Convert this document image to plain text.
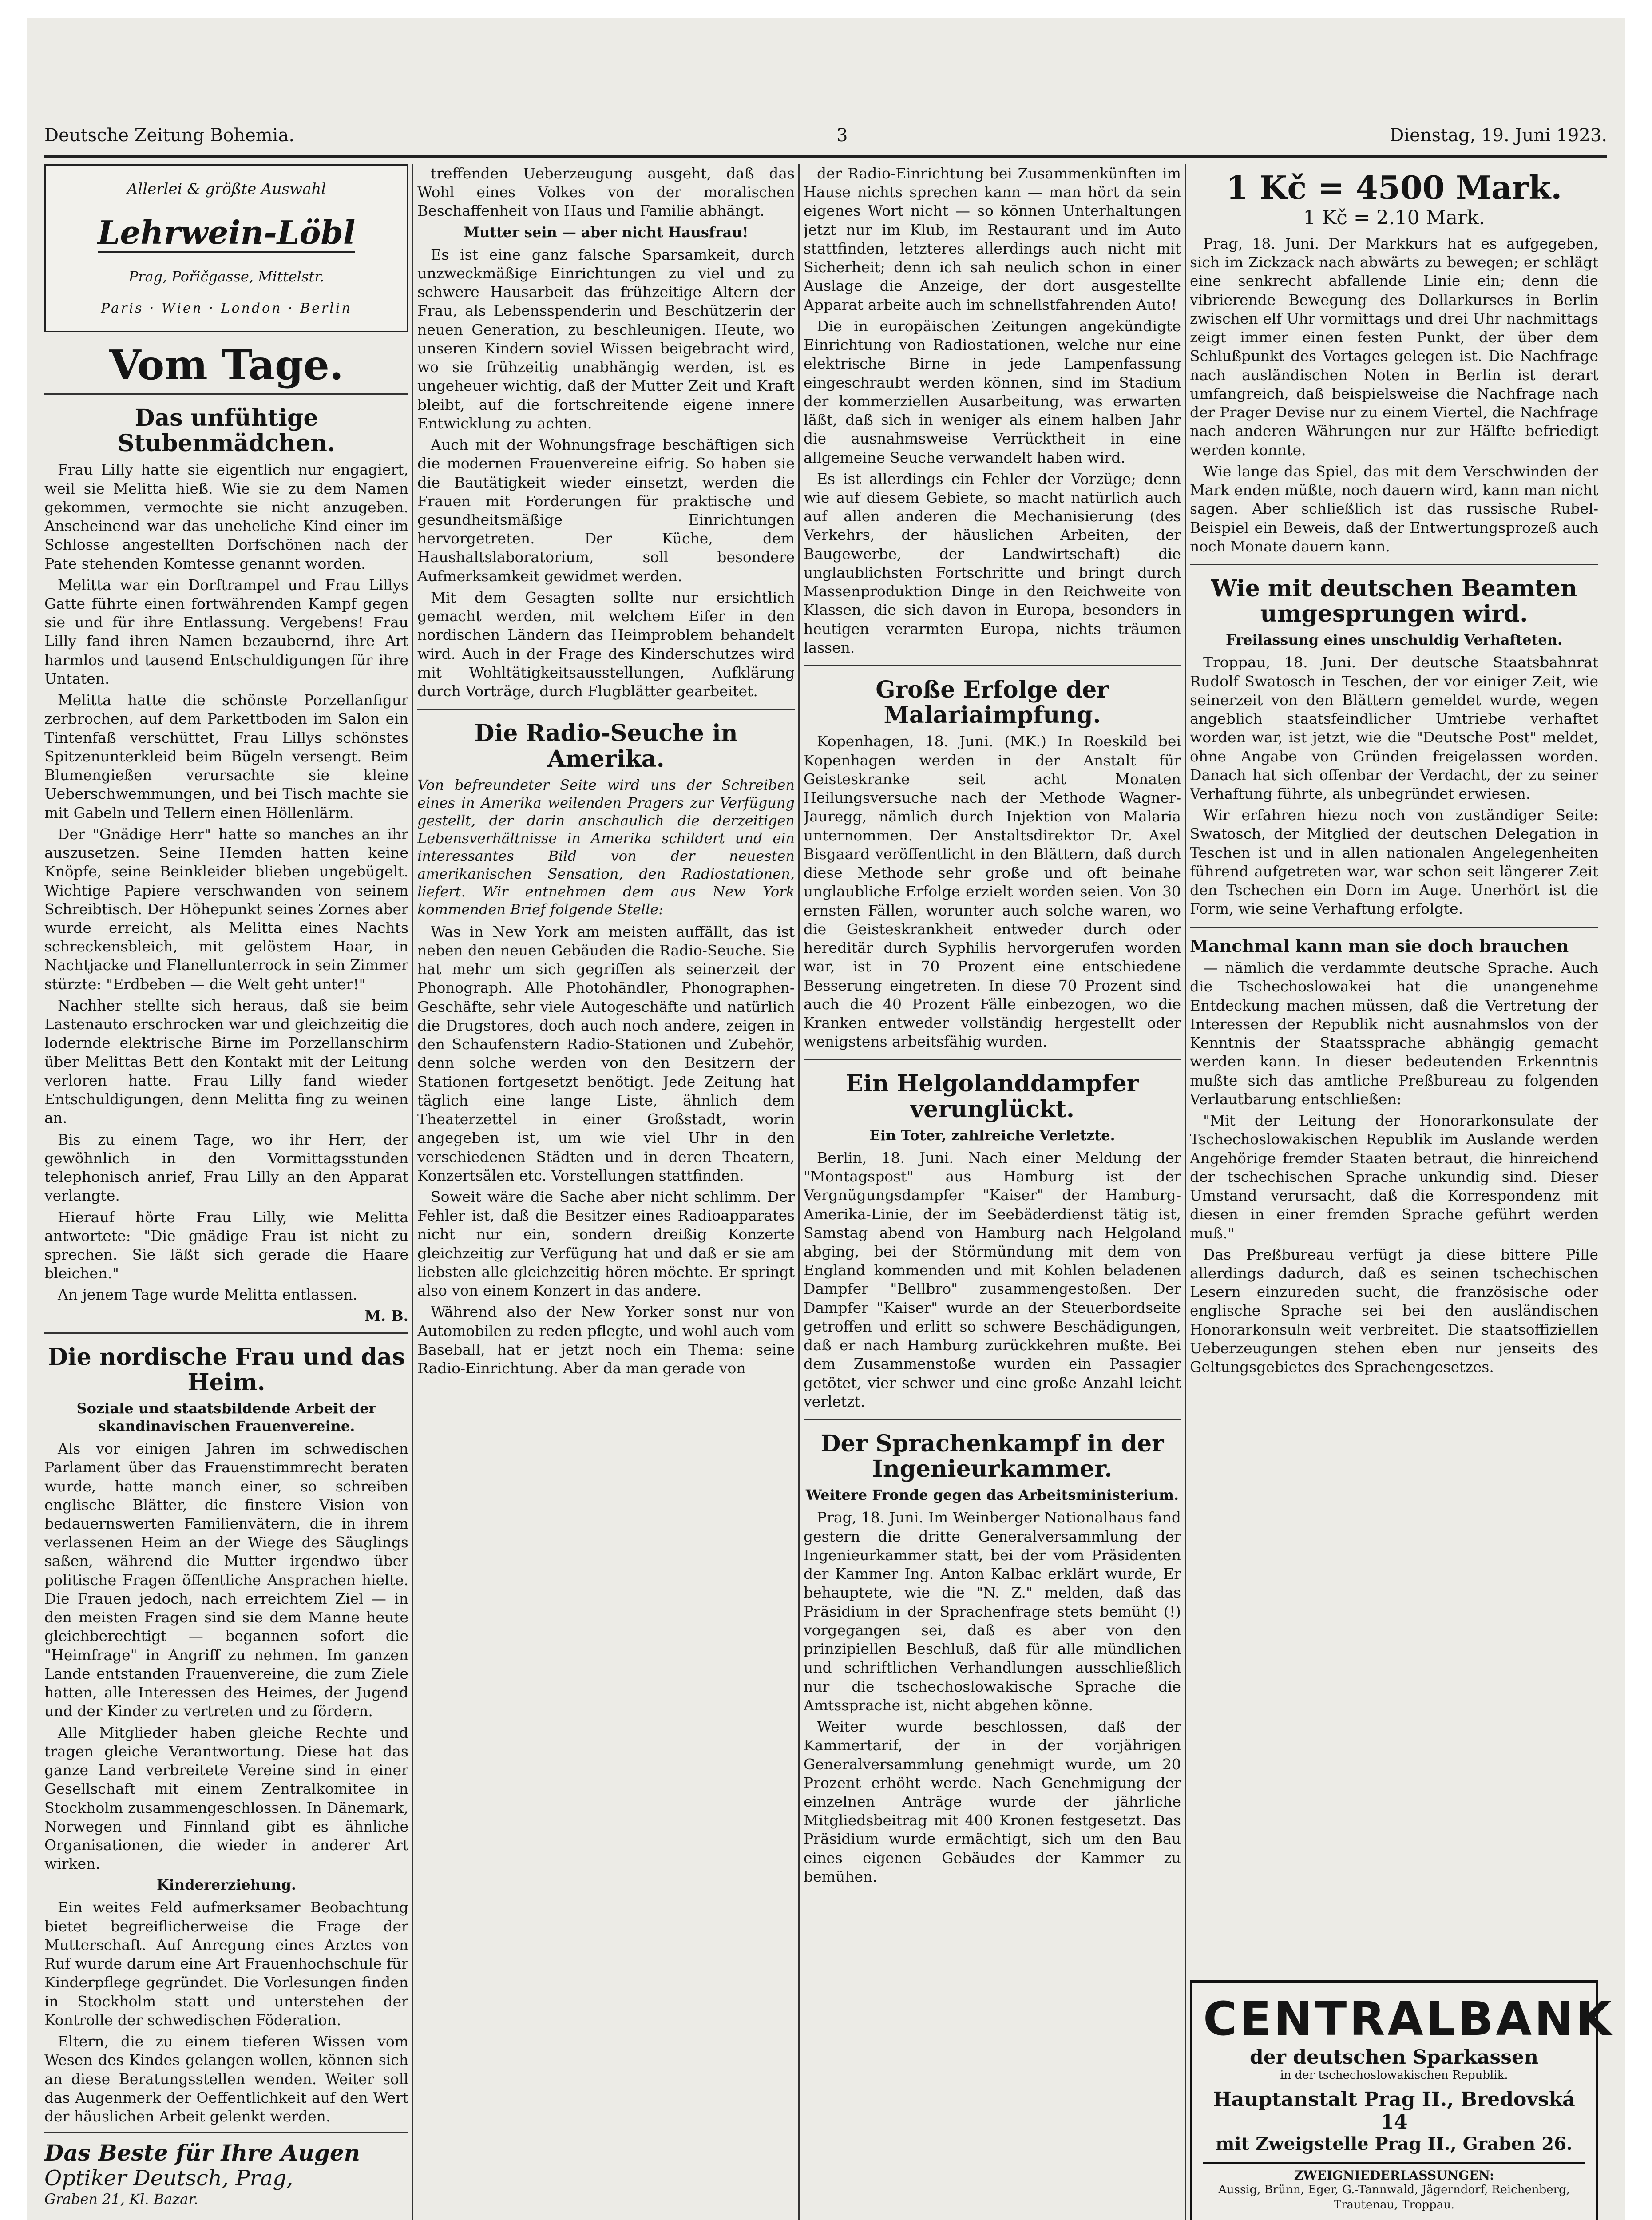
Deutsche Zeitung Bohemia.	3	Dienstag, 19. Juni 1923.
Allerlei & größte Auswahl
Lehrwein-Löbl
Prag, Pořičgasse, Mittelstr.
Paris · Wien · London · Berlin
Vom Tage.
Das unfühtige Stubenmädchen.

Frau Lilly hatte sie eigentlich nur engagiert, weil sie Melitta hieß. Wie sie zu dem Namen gekommen, vermochte sie nicht anzugeben. Anscheinend war das uneheliche Kind einer im Schlosse angestellten Dorfschönen nach der Pate stehenden Komtesse genannt worden.

Melitta war ein Dorftrampel und Frau Lillys Gatte führte einen fortwährenden Kampf gegen sie und für ihre Entlassung. Vergebens! Frau Lilly fand ihren Namen bezaubernd, ihre Art harmlos und tausend Entschuldigungen für ihre Untaten.

Melitta hatte die schönste Porzellanfigur zerbrochen, auf dem Parkettboden im Salon ein Tintenfaß verschüttet, Frau Lillys schönstes Spitzenunterkleid beim Bügeln versengt. Beim Blumengießen verursachte sie kleine Ueberschwemmungen, und bei Tisch machte sie mit Gabeln und Tellern einen Höllenlärm.

Der "Gnädige Herr" hatte so manches an ihr auszusetzen. Seine Hemden hatten keine Knöpfe, seine Beinkleider blieben ungebügelt. Wichtige Papiere verschwanden von seinem Schreibtisch. Der Höhepunkt seines Zornes aber wurde erreicht, als Melitta eines Nachts schreckensbleich, mit gelöstem Haar, in Nachtjacke und Flanellunterrock in sein Zimmer stürzte: "Erdbeben — die Welt geht unter!"

Nachher stellte sich heraus, daß sie beim Lastenauto erschrocken war und gleichzeitig die lodernde elektrische Birne im Porzellanschirm über Melittas Bett den Kontakt mit der Leitung verloren hatte. Frau Lilly fand wieder Entschuldigungen, denn Melitta fing zu weinen an.

Bis zu einem Tage, wo ihr Herr, der gewöhnlich in den Vormittagsstunden telephonisch anrief, Frau Lilly an den Apparat verlangte.

Hierauf hörte Frau Lilly, wie Melitta antwortete: "Die gnädige Frau ist nicht zu sprechen. Sie läßt sich gerade die Haare bleichen."

An jenem Tage wurde Melitta entlassen.

M. B.
Die nordische Frau und das Heim.
Soziale und staatsbildende Arbeit der skandinavischen Frauenvereine.

Als vor einigen Jahren im schwedischen Parlament über das Frauenstimmrecht beraten wurde, hatte manch einer, so schreiben englische Blätter, die finstere Vision von bedauernswerten Familienvätern, die in ihrem verlassenen Heim an der Wiege des Säuglings saßen, während die Mutter irgendwo über politische Fragen öffentliche Ansprachen hielte. Die Frauen jedoch, nach erreichtem Ziel — in den meisten Fragen sind sie dem Manne heute gleichberechtigt — begannen sofort die "Heimfrage" in Angriff zu nehmen. Im ganzen Lande entstanden Frauenvereine, die zum Ziele hatten, alle Interessen des Heimes, der Jugend und der Kinder zu vertreten und zu fördern.

Alle Mitglieder haben gleiche Rechte und tragen gleiche Verantwortung. Diese hat das ganze Land verbreitete Vereine sind in einer Gesellschaft mit einem Zentralkomitee in Stockholm zusammengeschlossen. In Dänemark, Norwegen und Finnland gibt es ähnliche Organisationen, die wieder in anderer Art wirken.

Kindererziehung.

Ein weites Feld aufmerksamer Beobachtung bietet begreiflicherweise die Frage der Mutterschaft. Auf Anregung eines Arztes von Ruf wurde darum eine Art Frauenhochschule für Kinderpflege gegründet. Die Vorlesungen finden in Stockholm statt und unterstehen der Kontrolle der schwedischen Föderation.

Eltern, die zu einem tieferen Wissen vom Wesen des Kindes gelangen wollen, können sich an diese Beratungsstellen wenden. Weiter soll das Augenmerk der Oeffentlichkeit auf den Wert der häuslichen Arbeit gelenkt werden.

Das Beste für Ihre Augen
Optiker Deutsch, Prag,
Graben 21, Kl. Bazar.

treffenden Ueberzeugung ausgeht, daß das Wohl eines Volkes von der moralischen Beschaffenheit von Haus und Familie abhängt.

Mutter sein — aber nicht Hausfrau!

Es ist eine ganz falsche Sparsamkeit, durch unzweckmäßige Einrichtungen zu viel und zu schwere Hausarbeit das frühzeitige Altern der Frau, als Lebensspenderin und Beschützerin der neuen Generation, zu beschleunigen. Heute, wo unseren Kindern soviel Wissen beigebracht wird, wo sie frühzeitig unabhängig werden, ist es ungeheuer wichtig, daß der Mutter Zeit und Kraft bleibt, auf die fortschreitende eigene innere Entwicklung zu achten.

Auch mit der Wohnungsfrage beschäftigen sich die modernen Frauenvereine eifrig. So haben sie die Bautätigkeit wieder einsetzt, werden die Frauen mit Forderungen für praktische und gesundheitsmäßige Einrichtungen hervorgetreten. Der Küche, dem Haushaltslaboratorium, soll besondere Aufmerksamkeit gewidmet werden.

Mit dem Gesagten sollte nur ersichtlich gemacht werden, mit welchem Eifer in den nordischen Ländern das Heimproblem behandelt wird. Auch in der Frage des Kinderschutzes wird mit Wohltätigkeitsausstellungen, Aufklärung durch Vorträge, durch Flugblätter gearbeitet.

Die Radio-Seuche in Amerika.
Von befreundeter Seite wird uns der Schreiben eines in Amerika weilenden Pragers zur Verfügung gestellt, der darin anschaulich die derzeitigen Lebensverhältnisse in Amerika schildert und ein interessantes Bild von der neuesten amerikanischen Sensation, den Radiostationen, liefert. Wir entnehmen dem aus New York kommenden Brief folgende Stelle:

Was in New York am meisten auffällt, das ist neben den neuen Gebäuden die Radio-Seuche. Sie hat mehr um sich gegriffen als seinerzeit der Phonograph. Alle Photohändler, Phonographen-Geschäfte, sehr viele Autogeschäfte und natürlich die Drugstores, doch auch noch andere, zeigen in den Schaufenstern Radio-Stationen und Zubehör, denn solche werden von den Besitzern der Stationen fortgesetzt benötigt. Jede Zeitung hat täglich eine lange Liste, ähnlich dem Theaterzettel in einer Großstadt, worin angegeben ist, um wie viel Uhr in den verschiedenen Städten und in deren Theatern, Konzertsälen etc. Vorstellungen stattfinden.

Soweit wäre die Sache aber nicht schlimm. Der Fehler ist, daß die Besitzer eines Radioapparates nicht nur ein, sondern dreißig Konzerte gleichzeitig zur Verfügung hat und daß er sie am liebsten alle gleichzeitig hören möchte. Er springt also von einem Konzert in das andere.

Während also der New Yorker sonst nur von Automobilen zu reden pflegte, und wohl auch vom Baseball, hat er jetzt noch ein Thema: seine Radio-Einrichtung. Aber da man gerade von

der Radio-Einrichtung bei Zusammenkünften im Hause nichts sprechen kann — man hört da sein eigenes Wort nicht — so können Unterhaltungen jetzt nur im Klub, im Restaurant und im Auto stattfinden, letzteres allerdings auch nicht mit Sicherheit; denn ich sah neulich schon in einer Auslage die Anzeige, der dort ausgestellte Apparat arbeite auch im schnellstfahrenden Auto!

Die in europäischen Zeitungen angekündigte Einrichtung von Radiostationen, welche nur eine elektrische Birne in jede Lampenfassung eingeschraubt werden können, sind im Stadium der kommerziellen Ausarbeitung, was erwarten läßt, daß sich in weniger als einem halben Jahr die ausnahmsweise Verrücktheit in eine allgemeine Seuche verwandelt haben wird.

Es ist allerdings ein Fehler der Vorzüge; denn wie auf diesem Gebiete, so macht natürlich auch auf allen anderen die Mechanisierung (des Verkehrs, der häuslichen Arbeiten, der Baugewerbe, der Landwirtschaft) die unglaublichsten Fortschritte und bringt durch Massenproduktion Dinge in den Reichweite von Klassen, die sich davon in Europa, besonders in heutigen verarmten Europa, nichts träumen lassen.

Große Erfolge der Malariaimpfung.

Kopenhagen, 18. Juni. (MK.) In Roeskild bei Kopenhagen werden in der Anstalt für Geisteskranke seit acht Monaten Heilungsversuche nach der Methode Wagner-Jauregg, nämlich durch Injektion von Malaria unternommen. Der Anstaltsdirektor Dr. Axel Bisgaard veröffentlicht in den Blättern, daß durch diese Methode sehr große und oft beinahe unglaubliche Erfolge erzielt worden seien. Von 30 ernsten Fällen, worunter auch solche waren, wo die Geisteskrankheit entweder durch oder hereditär durch Syphilis hervorgerufen worden war, ist in 70 Prozent eine entschiedene Besserung eingetreten. In diese 70 Prozent sind auch die 40 Prozent Fälle einbezogen, wo die Kranken entweder vollständig hergestellt oder wenigstens arbeitsfähig wurden.

Ein Helgolanddampfer verunglückt.
Ein Toter, zahlreiche Verletzte.

Berlin, 18. Juni. Nach einer Meldung der "Montagspost" aus Hamburg ist der Vergnügungsdampfer "Kaiser" der Hamburg-Amerika-Linie, der im Seebäderdienst tätig ist, Samstag abend von Hamburg nach Helgoland abging, bei der Störmündung mit dem von England kommenden und mit Kohlen beladenen Dampfer "Bellbro" zusammengestoßen. Der Dampfer "Kaiser" wurde an der Steuerbordseite getroffen und erlitt so schwere Beschädigungen, daß er nach Hamburg zurückkehren mußte. Bei dem Zusammenstoße wurden ein Passagier getötet, vier schwer und eine große Anzahl leicht verletzt.

Der Sprachenkampf in der Ingenieurkammer.
Weitere Fronde gegen das Arbeitsministerium.

Prag, 18. Juni. Im Weinberger Nationalhaus fand gestern die dritte Generalversammlung der Ingenieurkammer statt, bei der vom Präsidenten der Kammer Ing. Anton Kalbac erklärt wurde, Er behauptete, wie die "N. Z." melden, daß das Präsidium in der Sprachenfrage stets bemüht (!) vorgegangen sei, daß es aber von den prinzipiellen Beschluß, daß für alle mündlichen und schriftlichen Verhandlungen ausschließlich nur die tschechoslowakische Sprache die Amtssprache ist, nicht abgehen könne.

Weiter wurde beschlossen, daß der Kammertarif, der in der vorjährigen Generalversammlung genehmigt wurde, um 20 Prozent erhöht werde. Nach Genehmigung der einzelnen Anträge wurde der jährliche Mitgliedsbeitrag mit 400 Kronen festgesetzt. Das Präsidium wurde ermächtigt, sich um den Bau eines eigenen Gebäudes der Kammer zu bemühen.

1 Kč = 4500 Mark.
1 Kč = 2.10 Mark.

Prag, 18. Juni. Der Markkurs hat es aufgegeben, sich im Zickzack nach abwärts zu bewegen; er schlägt eine senkrecht abfallende Linie ein; denn die vibrierende Bewegung des Dollarkurses in Berlin zwischen elf Uhr vormittags und drei Uhr nachmittags zeigt immer einen festen Punkt, der über dem Schlußpunkt des Vortages gelegen ist. Die Nachfrage nach ausländischen Noten in Berlin ist derart umfangreich, daß beispielsweise die Nachfrage nach der Prager Devise nur zu einem Viertel, die Nachfrage nach anderen Währungen nur zur Hälfte befriedigt werden konnte.

Wie lange das Spiel, das mit dem Verschwinden der Mark enden müßte, noch dauern wird, kann man nicht sagen. Aber schließlich ist das russische Rubel-Beispiel ein Beweis, daß der Entwertungsprozeß auch noch Monate dauern kann.

Wie mit deutschen Beamten umgesprungen wird.
Freilassung eines unschuldig Verhafteten.

Troppau, 18. Juni. Der deutsche Staatsbahnrat Rudolf Swatosch in Teschen, der vor einiger Zeit, wie seinerzeit von den Blättern gemeldet wurde, wegen angeblich staatsfeindlicher Umtriebe verhaftet worden war, ist jetzt, wie die "Deutsche Post" meldet, ohne Angabe von Gründen freigelassen worden. Danach hat sich offenbar der Verdacht, der zu seiner Verhaftung führte, als unbegründet erwiesen.

Wir erfahren hiezu noch von zuständiger Seite: Swatosch, der Mitglied der deutschen Delegation in Teschen ist und in allen nationalen Angelegenheiten führend aufgetreten war, war schon seit längerer Zeit den Tschechen ein Dorn im Auge. Unerhört ist die Form, wie seine Verhaftung erfolgte.

Manchmal kann man sie doch brauchen

— nämlich die verdammte deutsche Sprache. Auch die Tschechoslowakei hat die unangenehme Entdeckung machen müssen, daß die Vertretung der Interessen der Republik nicht ausnahmslos von der Kenntnis der Staatssprache abhängig gemacht werden kann. In dieser bedeutenden Erkenntnis mußte sich das amtliche Preßbureau zu folgenden Verlautbarung entschließen:

"Mit der Leitung der Honorarkonsulate der Tschechoslowakischen Republik im Auslande werden Angehörige fremder Staaten betraut, die hinreichend der tschechischen Sprache unkundig sind. Dieser Umstand verursacht, daß die Korrespondenz mit diesen in einer fremden Sprache geführt werden muß."

Das Preßbureau verfügt ja diese bittere Pille allerdings dadurch, daß es seinen tschechischen Lesern einzureden sucht, die französische oder englische Sprache sei bei den ausländischen Honorarkonsuln weit verbreitet. Die staatsoffiziellen Ueberzeugungen stehen eben nur jenseits des Geltungsgebietes des Sprachengesetzes.

CENTRALBANK
der deutschen Sparkassen
in der tschechoslowakischen Republik.
Hauptanstalt Prag II., Bredovská 14
mit Zweigstelle Prag II., Graben 26.
ZWEIGNIEDERLASSUNGEN:
Aussig, Brünn, Eger, G.-Tannwald, Jägerndorf, Reichenberg, Trautenau, Troppau.
